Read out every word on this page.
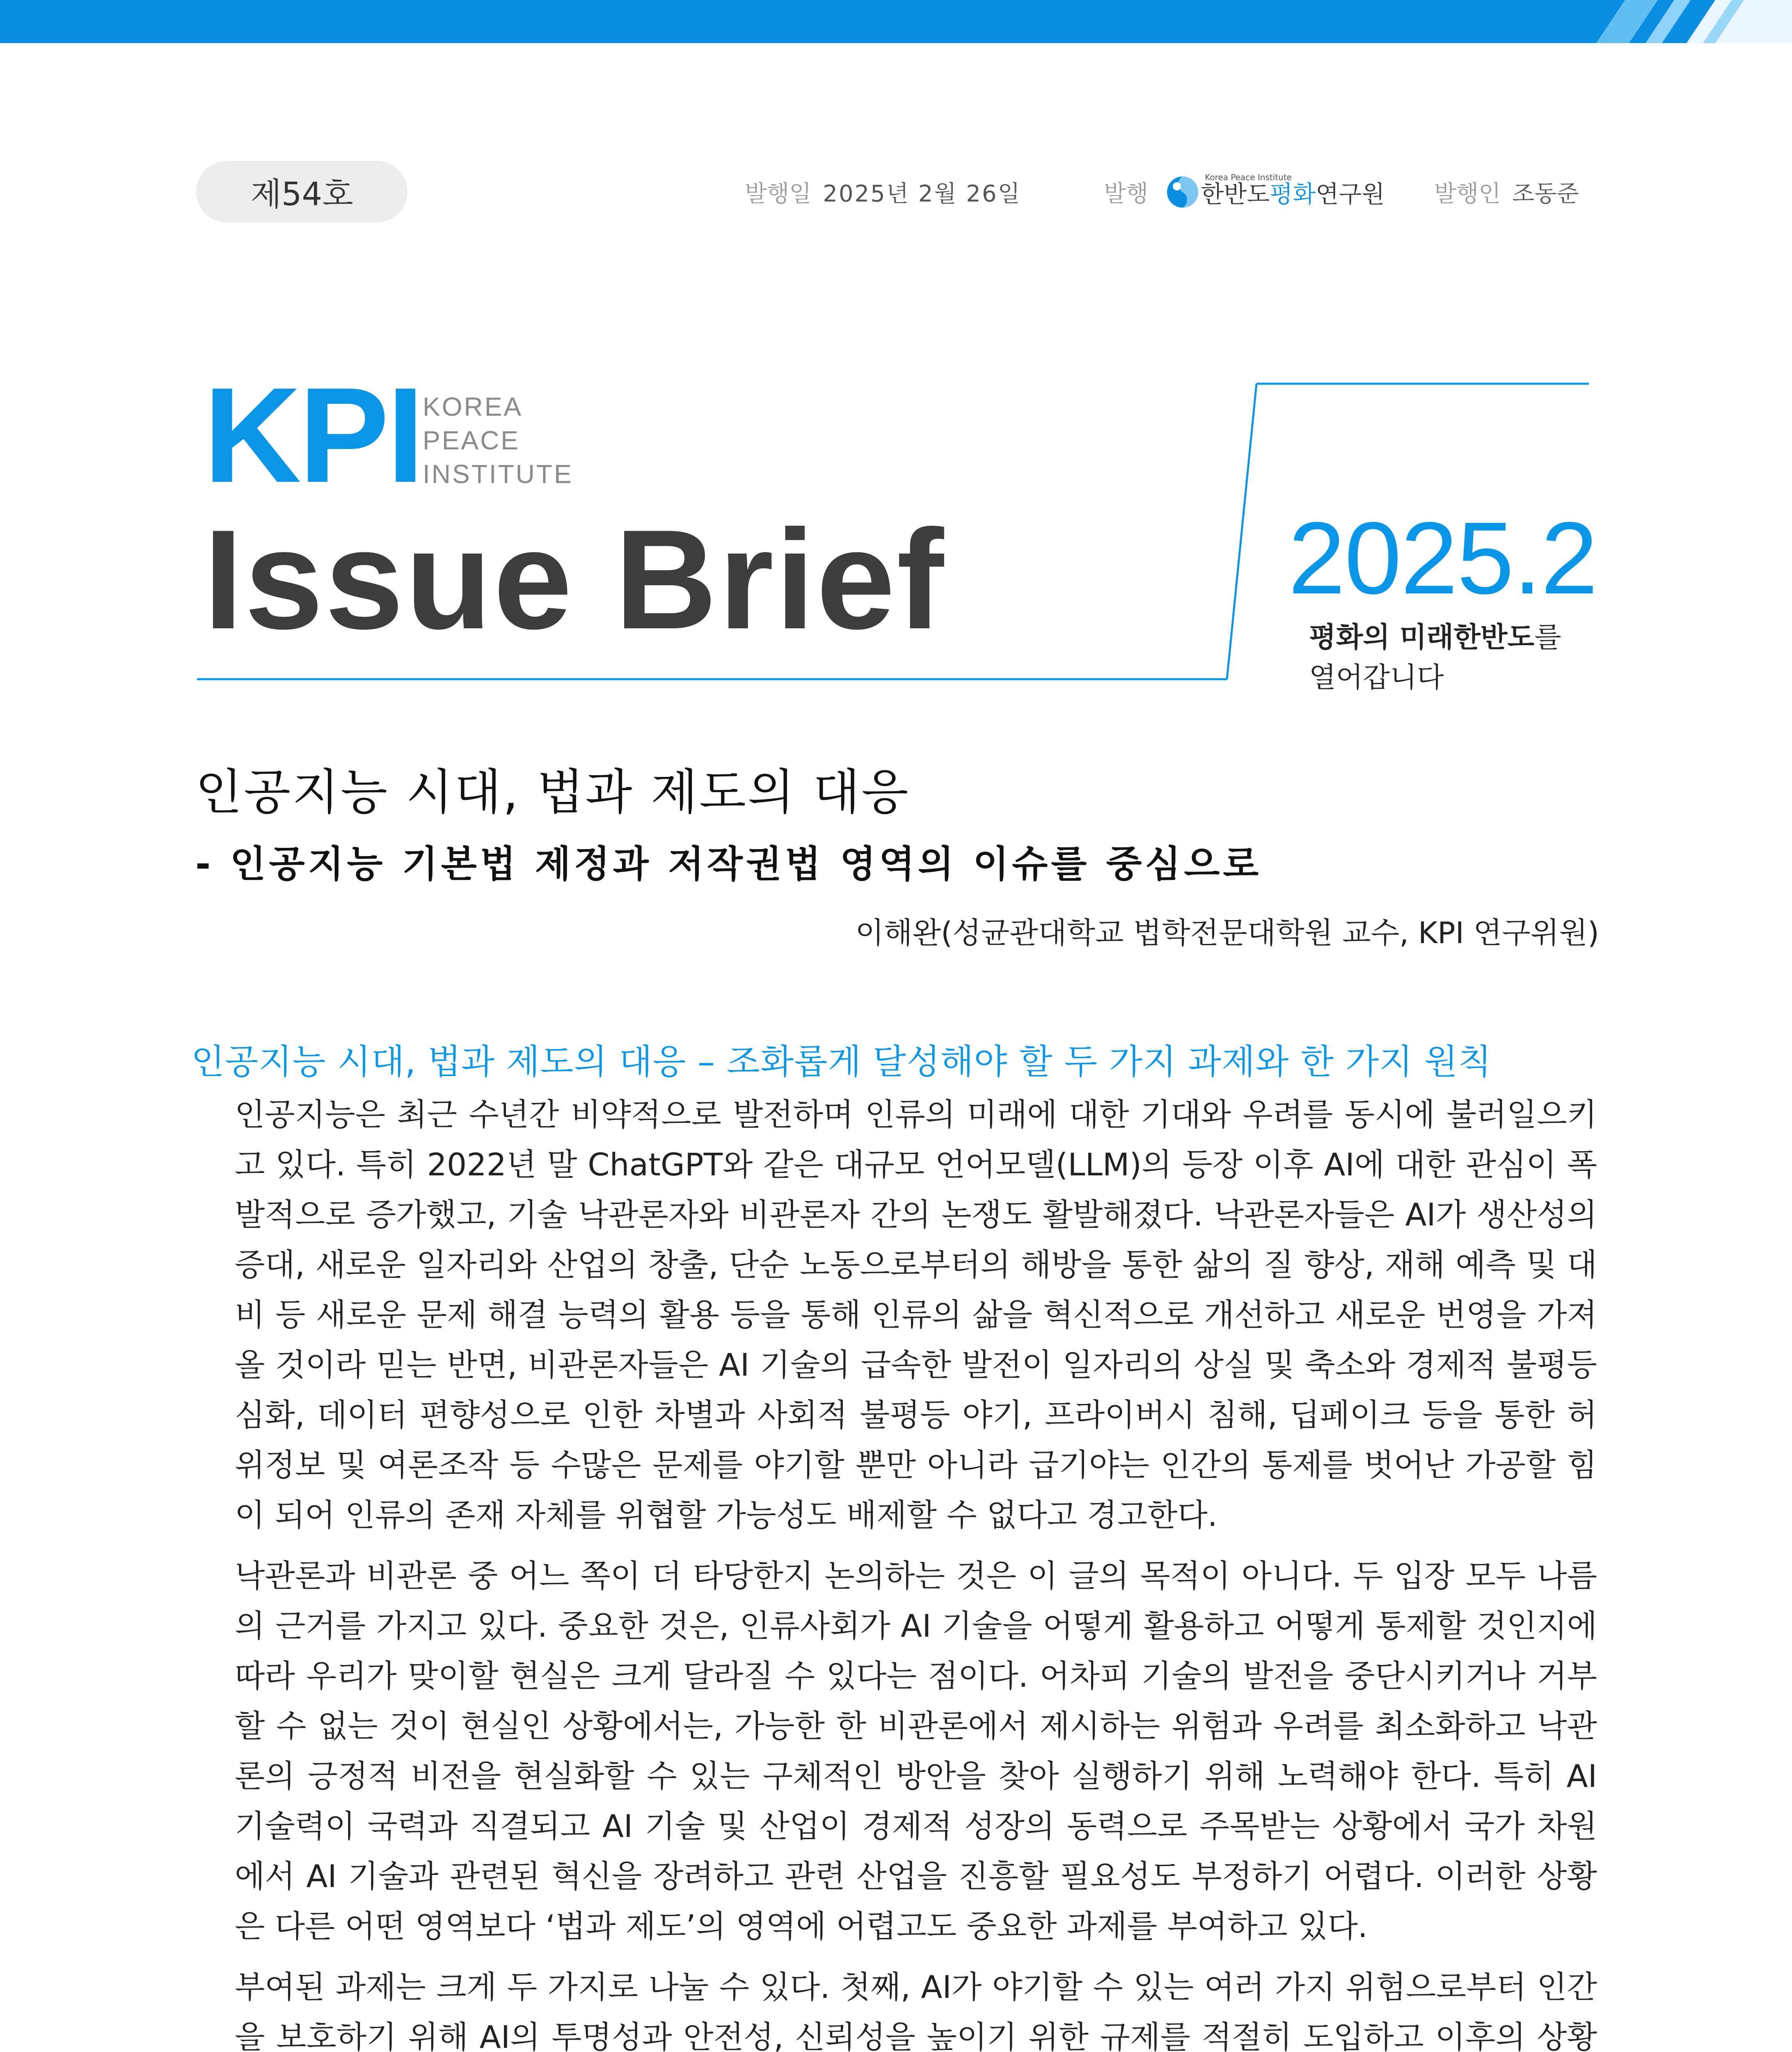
제54호	발행일 2025년 2월 26일	발행
Korea Peace Institute
한반도평화연구원 발행인 조동준
KPI KOREA
PEACE
INSTITUTE
Issue Brief	2025.2
평화의 미래한반도를
열어갑니다
인공지능 시대, 법과 제도의 대응
- 인공지능 기본법 제정과 저작권법 영역의 이슈를 중심으로
이해완(성균관대학교 법학전문대학원 교수, KPI 연구위원)
인공지능 시대, 법과 제도의 대응 – 조화롭게 달성해야 할 두 가지 과제와 한 가지 원칙

인공지능은 최근 수년간 비약적으로 발전하며 인류의 미래에 대한 기대와 우려를 동시에 불러일으키고 있다. 특히 2022년 말 ChatGPT와 같은 대규모 언어모델(LLM)의 등장 이후 AI에 대한 관심이 폭발적으로 증가했고, 기술 낙관론자와 비관론자 간의 논쟁도 활발해졌다. 낙관론자들은 AI가 생산성의 증대, 새로운 일자리와 산업의 창출, 단순 노동으로부터의 해방을 통한 삶의 질 향상, 재해 예측 및 대비 등 새로운 문제 해결 능력의 활용 등을 통해 인류의 삶을 혁신적으로 개선하고 새로운 번영을 가져올 것이라 믿는 반면, 비관론자들은 AI 기술의 급속한 발전이 일자리의 상실 및 축소와 경제적 불평등 심화, 데이터 편향성으로 인한 차별과 사회적 불평등 야기, 프라이버시 침해, 딥페이크 등을 통한 허위정보 및 여론조작 등 수많은 문제를 야기할 뿐만 아니라 급기야는 인간의 통제를 벗어난 가공할 힘이 되어 인류의 존재 자체를 위협할 가능성도 배제할 수 없다고 경고한다.

낙관론과 비관론 중 어느 쪽이 더 타당한지 논의하는 것은 이 글의 목적이 아니다. 두 입장 모두 나름의 근거를 가지고 있다. 중요한 것은, 인류사회가 AI 기술을 어떻게 활용하고 어떻게 통제할 것인지에 따라 우리가 맞이할 현실은 크게 달라질 수 있다는 점이다. 어차피 기술의 발전을 중단시키거나 거부할 수 없는 것이 현실인 상황에서는, 가능한 한 비관론에서 제시하는 위험과 우려를 최소화하고 낙관론의 긍정적 비전을 현실화할 수 있는 구체적인 방안을 찾아 실행하기 위해 노력해야 한다. 특히 AI 기술력이 국력과 직결되고 AI 기술 및 산업이 경제적 성장의 동력으로 주목받는 상황에서 국가 차원에서 AI 기술과 관련된 혁신을 장려하고 관련 산업을 진흥할 필요성도 부정하기 어렵다. 이러한 상황은 다른 어떤 영역보다 ‘법과 제도’의 영역에 어렵고도 중요한 과제를 부여하고 있다.

부여된 과제는 크게 두 가지로 나눌 수 있다. 첫째, AI가 야기할 수 있는 여러 가지 위험으로부터 인간을 보호하기 위해 AI의 투명성과 안전성, 신뢰성을 높이기 위한 규제를 적절히 도입하고 이후의 상황
